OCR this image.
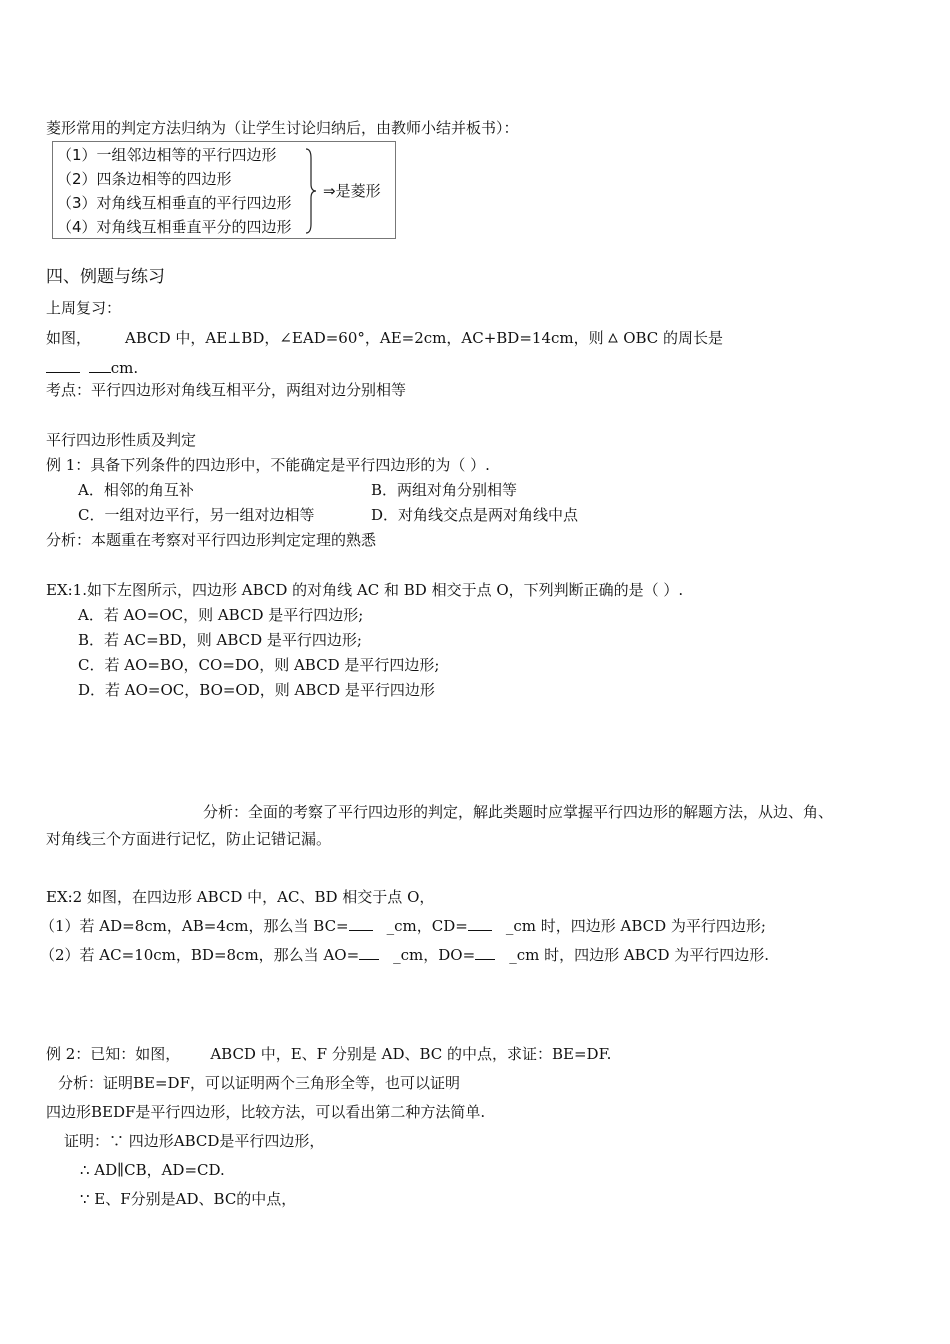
菱形常用的判定方法归纳为（让学生讨论归纳后，由教师小结并板书）：
（1）一组邻边相等的平行四边形
（2）四条边相等的四边形
（3）对角线互相垂直的平行四边形
（4）对角线互相垂直平分的四边形
⇒是菱形
四、例题与练习
上周复习：
如图， ABCD 中，AE⊥BD，∠EAD=60°，AE=2cm，AC+BD=14cm，则 OBC 的周长是
cm.
考点：平行四边形对角线互相平分，两组对边分别相等
平行四边形性质及判定
例 1：具备下列条件的四边形中，不能确定是平行四边形的为（ ）.
A．相邻的角互补	B．两组对角分别相等
C．一组对边平行，另一组对边相等	D．对角线交点是两对角线中点
分析：本题重在考察对平行四边形判定定理的熟悉
EX:1.如下左图所示，四边形 ABCD 的对角线 AC 和 BD 相交于点 O，下列判断正确的是（ ）.
A．若 AO=OC，则 ABCD 是平行四边形;
B．若 AC=BD，则 ABCD 是平行四边形;
C．若 AO=BO，CO=DO，则 ABCD 是平行四边形;
D．若 AO=OC，BO=OD，则 ABCD 是平行四边形
分析：全面的考察了平行四边形的判定，解此类题时应掌握平行四边形的解题方法，从边、角、
对角线三个方面进行记忆，防止记错记漏。
EX:2 如图，在四边形 ABCD 中，AC、BD 相交于点 O，
（1）若 AD=8cm，AB=4cm，那么当 BC=	_cm，CD=	_cm 时，四边形 ABCD 为平行四边形;
（2）若 AC=10cm，BD=8cm，那么当 AO= _cm，DO= _cm 时，四边形 ABCD 为平行四边形.
例 2：已知：如图， ABCD 中，E、F 分别是 AD、BC 的中点，求证：BE=DF.
分析：证明BE=DF，可以证明两个三角形全等，也可以证明
四边形BEDF是平行四边形，比较方法，可以看出第二种方法简单.
证明：∵ 四边形ABCD是平行四边形，
∴ AD∥CB，AD=CD.
∵ E、F分别是AD、BC的中点，
